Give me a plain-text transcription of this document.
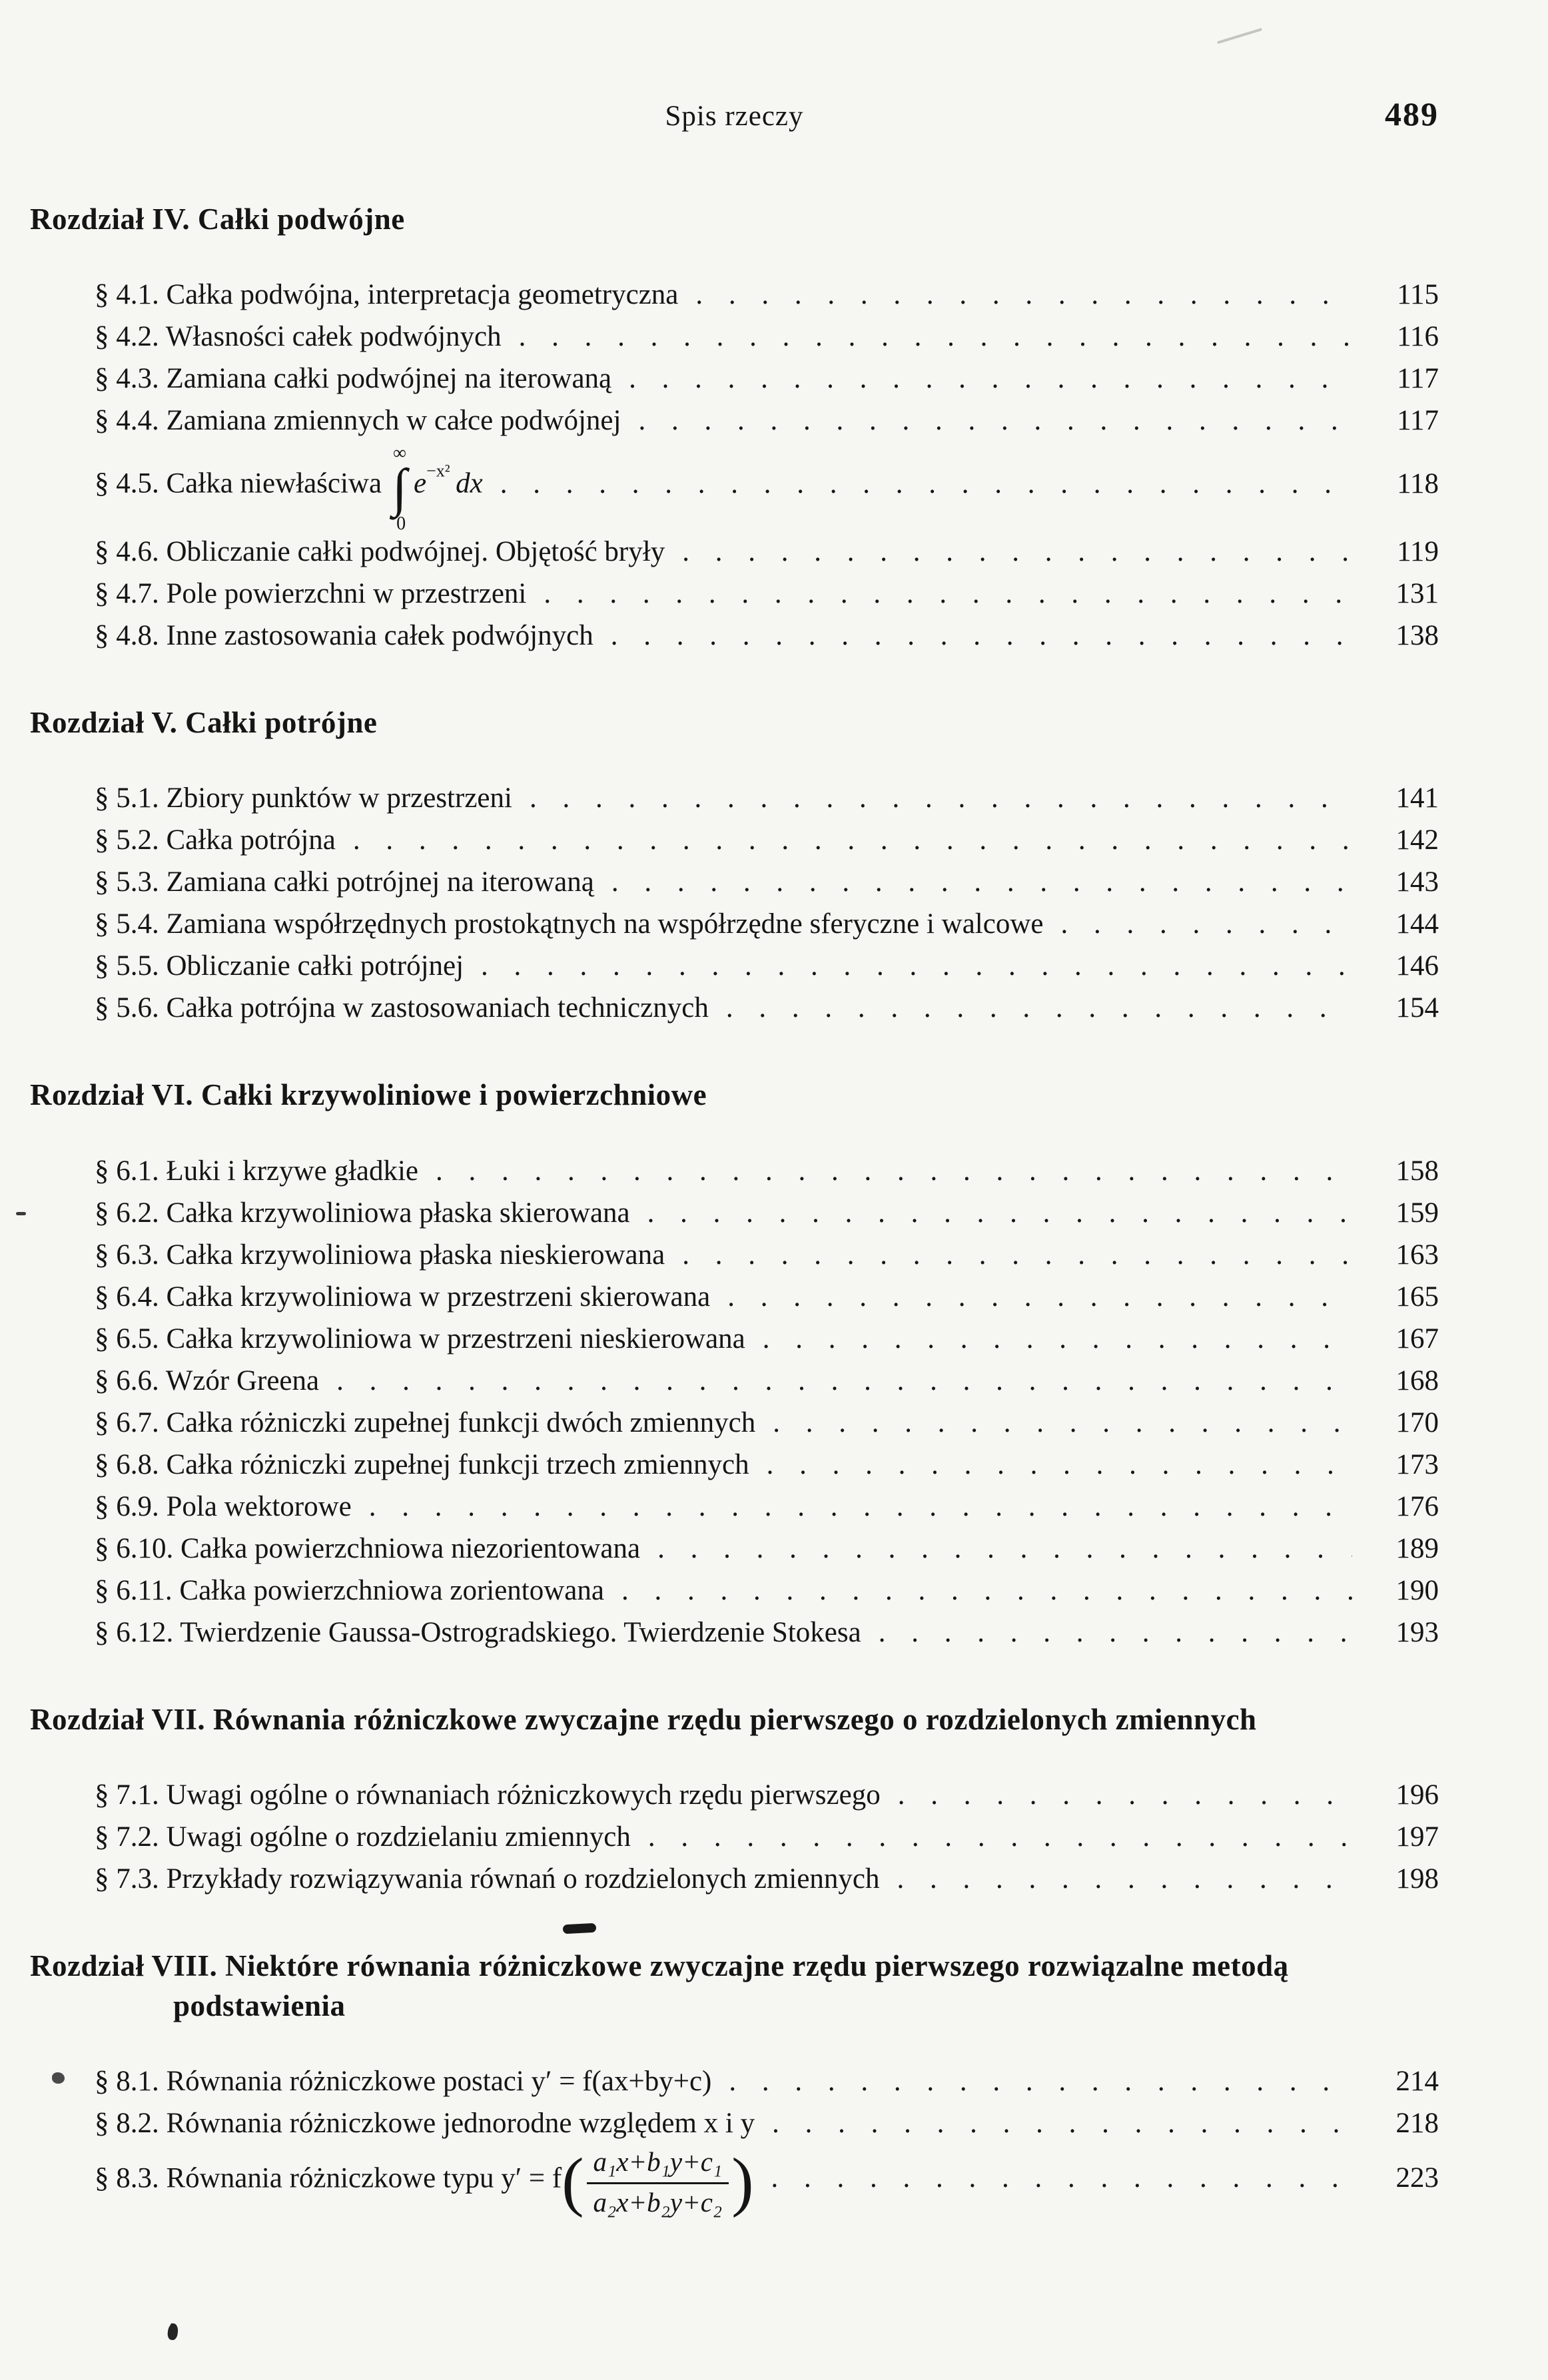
Spis rzeczy	489
Rozdział IV. Całki podwójne
§ 4.1. Całka podwójna, interpretacja geometryczna . . .	115
§ 4.2. Własności całek podwójnych . . .	116
§ 4.3. Zamiana całki podwójnej na iterowaną . . .	117
§ 4.4. Zamiana zmiennych w całce podwójnej . . .	117
§ 4.5. Całka niewłaściwa
∞
∫
0
$e^{-x^2}$  dx . . .	118
§ 4.6. Obliczanie całki podwójnej. Objętość bryły . . .	119
§ 4.7. Pole powierzchni w przestrzeni . . .	131
§ 4.8. Inne zastosowania całek podwójnych . . .	138
Rozdział V. Całki potrójne
§ 5.1. Zbiory punktów w przestrzeni . . .	141
§ 5.2. Całka potrójna . . .	142
§ 5.3. Zamiana całki potrójnej na iterowaną . . .	143
§ 5.4. Zamiana współrzędnych prostokątnych na współrzędne sferyczne i walcowe . . .	144
§ 5.5. Obliczanie całki potrójnej . . .	146
§ 5.6. Całka potrójna w zastosowaniach technicznych . . .	154
Rozdział VI. Całki krzywoliniowe i powierzchniowe
§ 6.1. Łuki i krzywe gładkie . . .	158
§ 6.2. Całka krzywoliniowa płaska skierowana . . .	159
§ 6.3. Całka krzywoliniowa płaska nieskierowana . . .	163
§ 6.4. Całka krzywoliniowa w przestrzeni skierowana . . .	165
§ 6.5. Całka krzywoliniowa w przestrzeni nieskierowana . . .	167
§ 6.6. Wzór Greena . . .	168
§ 6.7. Całka różniczki zupełnej funkcji dwóch zmiennych . . .	170
§ 6.8. Całka różniczki zupełnej funkcji trzech zmiennych . . .	173
§ 6.9. Pola wektorowe . . .	176
§ 6.10. Całka powierzchniowa niezorientowana . . .	189
§ 6.11. Całka powierzchniowa zorientowana . . .	190
§ 6.12. Twierdzenie Gaussa-Ostrogradskiego. Twierdzenie Stokesa . . .	193
Rozdział VII. Równania różniczkowe zwyczajne rzędu pierwszego o rozdzielonych zmiennych
§ 7.1. Uwagi ogólne o równaniach różniczkowych rzędu pierwszego . . .	196
§ 7.2. Uwagi ogólne o rozdzielaniu zmiennych . . .	197
§ 7.3. Przykłady rozwiązywania równań o rozdzielonych zmiennych . . .	198
Rozdział VIII. Niektóre równania różniczkowe zwyczajne rzędu pierwszego rozwiązalne metodą podstawienia
§ 8.1. Równania różniczkowe postaci y′ = f(ax+by+c) . . .	214
§ 8.2. Równania różniczkowe jednorodne względem x i y . . .	218
§ 8.3. Równania różniczkowe typu $y' = f( \frac{\text{a₁x+b₁y+c₁}}{\text{a₂x+b₂y+c₂}}$ ) . . .	223
